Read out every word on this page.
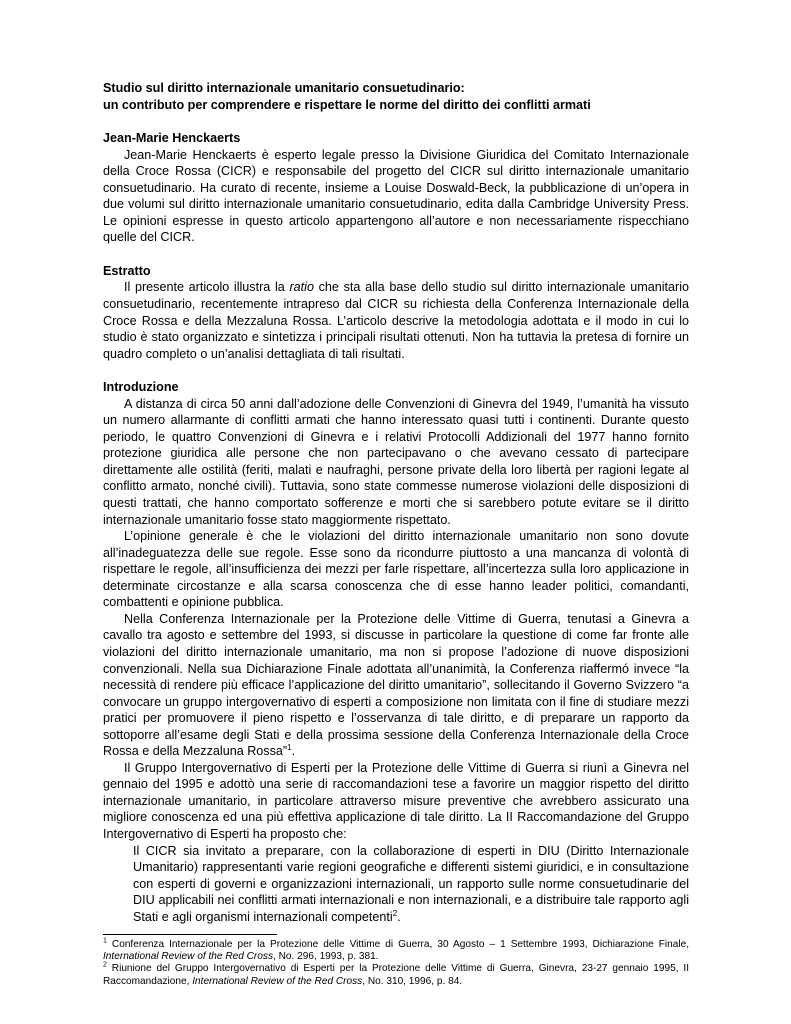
Studio sul diritto internazionale umanitario consuetudinario:
un contributo per comprendere e rispettare le norme del diritto dei conflitti armati
Jean-Marie Henckaerts
Jean-Marie Henckaerts è esperto legale presso la Divisione Giuridica del Comitato Internazionale della Croce Rossa (CICR) e responsabile del progetto del CICR sul diritto internazionale umanitario consuetudinario. Ha curato di recente, insieme a Louise Doswald-Beck, la pubblicazione di un’opera in due volumi sul diritto internazionale umanitario consuetudinario, edita dalla Cambridge University Press. Le opinioni espresse in questo articolo appartengono all’autore e non necessariamente rispecchiano quelle del CICR.
Estratto
Il presente articolo illustra la ratio che sta alla base dello studio sul diritto internazionale umanitario consuetudinario, recentemente intrapreso dal CICR su richiesta della Conferenza Internazionale della Croce Rossa e della Mezzaluna Rossa. L’articolo descrive la metodologia adottata e il modo in cui lo studio è stato organizzato e sintetizza i principali risultati ottenuti. Non ha tuttavia la pretesa di fornire un quadro completo o un’analisi dettagliata di tali risultati.
Introduzione
A distanza di circa 50 anni dall’adozione delle Convenzioni di Ginevra del 1949, l’umanità ha vissuto un numero allarmante di conflitti armati che hanno interessato quasi tutti i continenti. Durante questo periodo, le quattro Convenzioni di Ginevra e i relativi Protocolli Addizionali del 1977 hanno fornito protezione giuridica alle persone che non partecipavano o che avevano cessato di partecipare direttamente alle ostilità (feriti, malati e naufraghi, persone private della loro libertà per ragioni legate al conflitto armato, nonché civili). Tuttavia, sono state commesse numerose violazioni delle disposizioni di questi trattati, che hanno comportato sofferenze e morti che si sarebbero potute evitare se il diritto internazionale umanitario fosse stato maggiormente rispettato.
L’opinione generale è che le violazioni del diritto internazionale umanitario non sono dovute all’inadeguatezza delle sue regole. Esse sono da ricondurre piuttosto a una mancanza di volontà di rispettare le regole, all’insufficienza dei mezzi per farle rispettare, all’incertezza sulla loro applicazione in determinate circostanze e alla scarsa conoscenza che di esse hanno leader politici, comandanti, combattenti e opinione pubblica.
Nella Conferenza Internazionale per la Protezione delle Vittime di Guerra, tenutasi a Ginevra a cavallo tra agosto e settembre del 1993, si discusse in particolare la questione di come far fronte alle violazioni del diritto internazionale umanitario, ma non si propose l’adozione di nuove disposizioni convenzionali. Nella sua Dichiarazione Finale adottata all’unanimità, la Conferenza riaffermó invece “la necessità di rendere più efficace l’applicazione del diritto umanitario”, sollecitando il Governo Svizzero “a convocare un gruppo intergovernativo di esperti a composizione non limitata con il fine di studiare mezzi pratici per promuovere il pieno rispetto e l’osservanza di tale diritto, e di preparare un rapporto da sottoporre all’esame degli Stati e della prossima sessione della Conferenza Internazionale della Croce Rossa e della Mezzaluna Rossa”$^1$.
Il Gruppo Intergovernativo di Esperti per la Protezione delle Vittime di Guerra si riunì a Ginevra nel gennaio del 1995 e adottò una serie di raccomandazioni tese a favorire un maggior rispetto del diritto internazionale umanitario, in particolare attraverso misure preventive che avrebbero assicurato una migliore conoscenza ed una più effettiva applicazione di tale diritto. La II Raccomandazione del Gruppo Intergovernativo di Esperti ha proposto che:
Il CICR sia invitato a preparare, con la collaborazione di esperti in DIU (Diritto Internazionale Umanitario) rappresentanti varie regioni geografiche e differenti sistemi giuridici, e in consultazione con esperti di governi e organizzazioni internazionali, un rapporto sulle norme consuetudinarie del DIU applicabili nei conflitti armati internazionali e non internazionali, e a distribuire tale rapporto agli Stati e agli organismi internazionali competenti$^2$.
$^1$ Conferenza Internazionale per la Protezione delle Vittime di Guerra, 30 Agosto – 1 Settembre 1993, Dichiarazione Finale, International Review of the Red Cross, No. 296, 1993, p. 381.
$^2$ Riunione del Gruppo Intergovernativo di Esperti per la Protezione delle Vittime di Guerra, Ginevra, 23-27 gennaio 1995, II Raccomandazione, International Review of the Red Cross, No. 310, 1996, p. 84.
